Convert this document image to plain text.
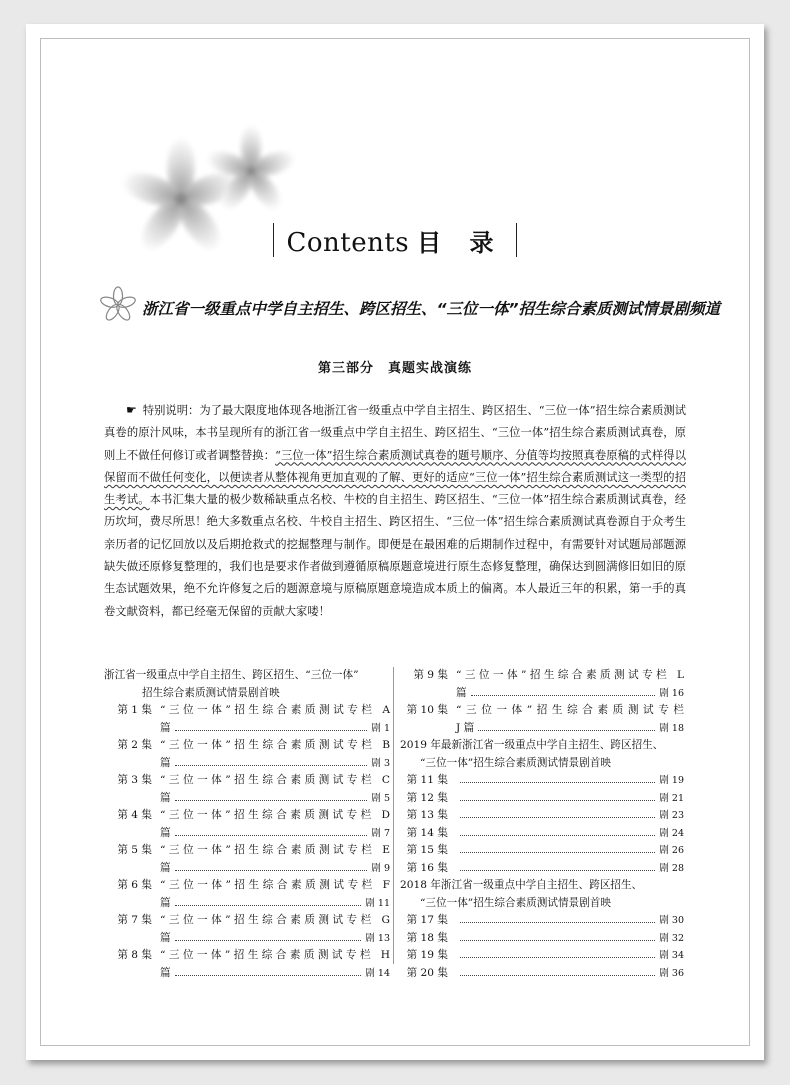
Contents 目 录
浙江省一级重点中学自主招生、跨区招生、“三位一体”招生综合素质测试情景剧频道
第三部分　真题实战演练
☛ 特别说明：为了最大限度地体现各地浙江省一级重点中学自主招生、跨区招生、“三位一体”招生综合素质测试真卷的原汁风味，本书呈现所有的浙江省一级重点中学自主招生、跨区招生、“三位一体”招生综合素质测试真卷，原则上不做任何修订或者调整替换：“三位一体”招生综合素质测试真卷的题号顺序、分值等均按照真卷原稿的式样得以保留而不做任何变化，以便读者从整体视角更加直观的了解、更好的适应“三位一体”招生综合素质测试这一类型的招生考试。本书汇集大量的极少数稀缺重点名校、牛校的自主招生、跨区招生、“三位一体”招生综合素质测试真卷，经历坎坷，费尽所思！绝大多数重点名校、牛校自主招生、跨区招生、“三位一体”招生综合素质测试真卷源自于众考生亲历者的记忆回放以及后期抢救式的挖掘整理与制作。即便是在最困难的后期制作过程中，有需要针对试题局部题源缺失做还原修复整理的，我们也是要求作者做到遵循原稿原题意境进行原生态修复整理，确保达到圆满修旧如旧的原生态试题效果，绝不允许修复之后的题源意境与原稿原题意境造成本质上的偏离。本人最近三年的积累，第一手的真卷文献资料，都已经毫无保留的贡献大家喽！
浙江省一级重点中学自主招生、跨区招生、“三位一体”
招生综合素质测试情景剧首映
第 1 集 “三位一体”招生综合素质测试专栏 A
篇	剧 1
第 2 集 “三位一体”招生综合素质测试专栏 B
篇	剧 3
第 3 集 “三位一体”招生综合素质测试专栏 C
篇	剧 5
第 4 集 “三位一体”招生综合素质测试专栏 D
篇	剧 7
第 5 集 “三位一体”招生综合素质测试专栏 E
篇	剧 9
第 6 集 “三位一体”招生综合素质测试专栏 F
篇	剧 11
第 7 集 “三位一体”招生综合素质测试专栏 G
篇	剧 13
第 8 集 “三位一体”招生综合素质测试专栏 H
篇	剧 14
第 9 集 “三位一体”招生综合素质测试专栏 L
篇	剧 16
第 10 集 “三位一体”招生综合素质测试专栏
J 篇	剧 18
2019 年最新浙江省一级重点中学自主招生、跨区招生、
“三位一体”招生综合素质测试情景剧首映
第 11 集	剧 19
第 12 集	剧 21
第 13 集	剧 23
第 14 集	剧 24
第 15 集	剧 26
第 16 集	剧 28
2018 年浙江省一级重点中学自主招生、跨区招生、
“三位一体”招生综合素质测试情景剧首映
第 17 集	剧 30
第 18 集	剧 32
第 19 集	剧 34
第 20 集	剧 36
